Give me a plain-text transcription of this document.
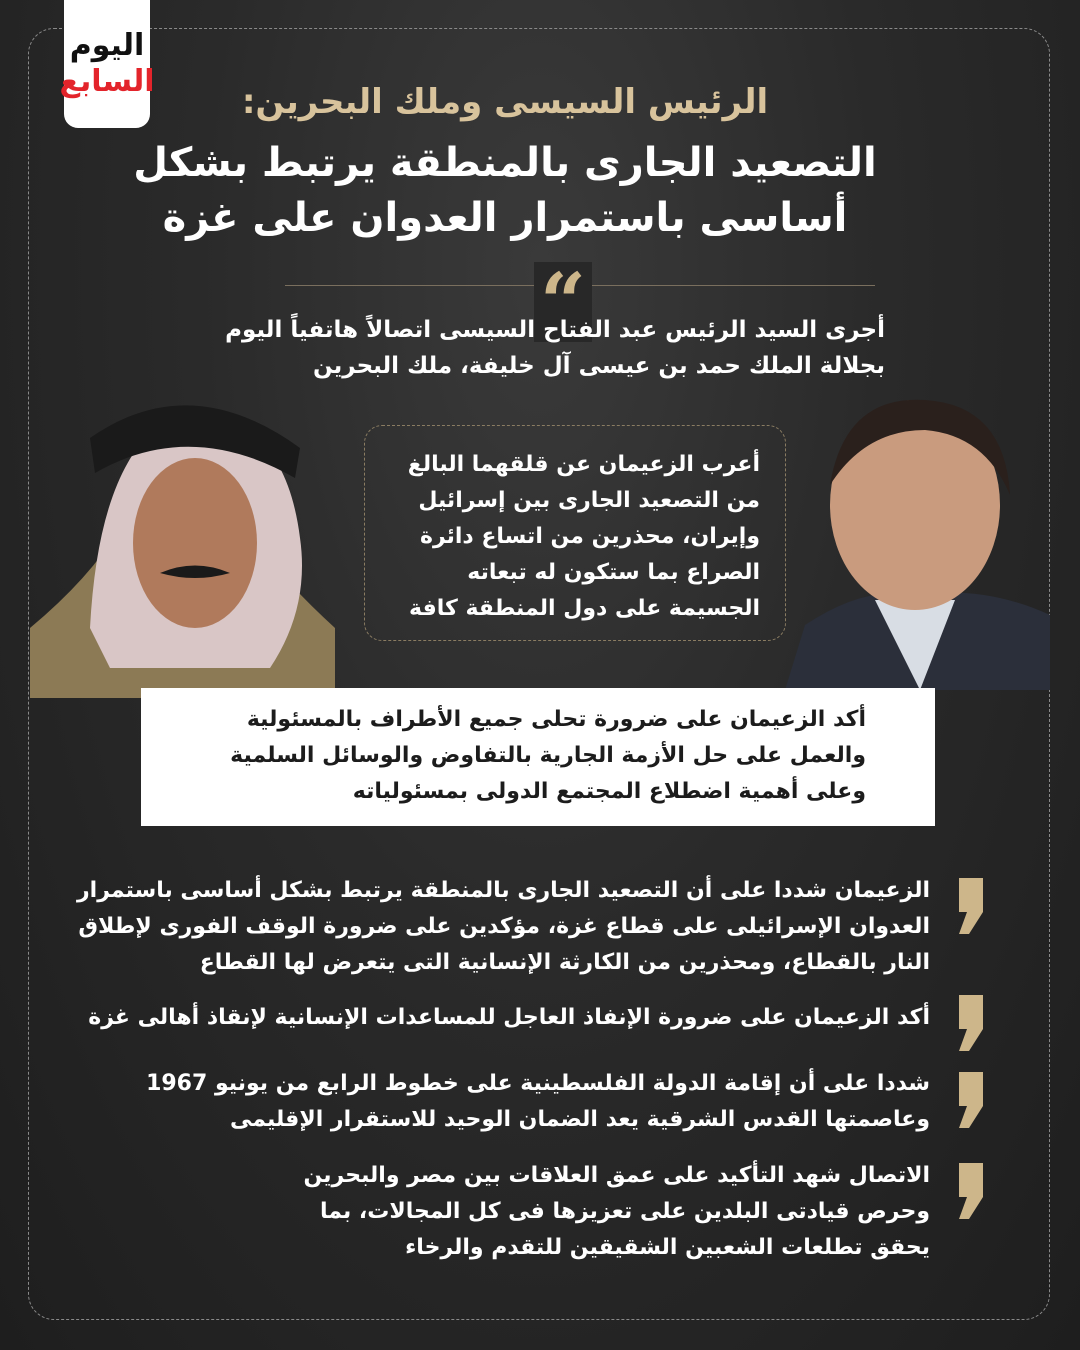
اليوم
السابع
الرئيس السيسى وملك البحرين:
التصعيد الجارى بالمنطقة يرتبط بشكل
أساسى باستمرار العدوان على غزة
“
أجرى السيد الرئيس عبد الفتاح السيسى اتصالاً هاتفياً اليوم
بجلالة الملك حمد بن عيسى آل خليفة، ملك البحرين
أعرب الزعيمان عن قلقهما البالغ
من التصعيد الجارى بين إسرائيل
وإيران، محذرين من اتساع دائرة
الصراع بما ستكون له تبعاته
الجسيمة على دول المنطقة كافة
أكد الزعيمان على ضرورة تحلى جميع الأطراف بالمسئولية
والعمل على حل الأزمة الجارية بالتفاوض والوسائل السلمية
وعلى أهمية اضطلاع المجتمع الدولى بمسئولياته
الزعيمان شددا على أن التصعيد الجارى بالمنطقة يرتبط بشكل أساسى باستمرار
العدوان الإسرائيلى على قطاع غزة، مؤكدين على ضرورة الوقف الفورى لإطلاق
النار بالقطاع، ومحذرين من الكارثة الإنسانية التى يتعرض لها القطاع
أكد الزعيمان على ضرورة الإنفاذ العاجل للمساعدات الإنسانية لإنقاذ أهالى غزة
شددا على أن إقامة الدولة الفلسطينية على خطوط الرابع من يونيو 1967
وعاصمتها القدس الشرقية يعد الضمان الوحيد للاستقرار الإقليمى
الاتصال شهد التأكيد على عمق العلاقات بين مصر والبحرين
وحرص قيادتى البلدين على تعزيزها فى كل المجالات، بما
يحقق تطلعات الشعبين الشقيقين للتقدم والرخاء
